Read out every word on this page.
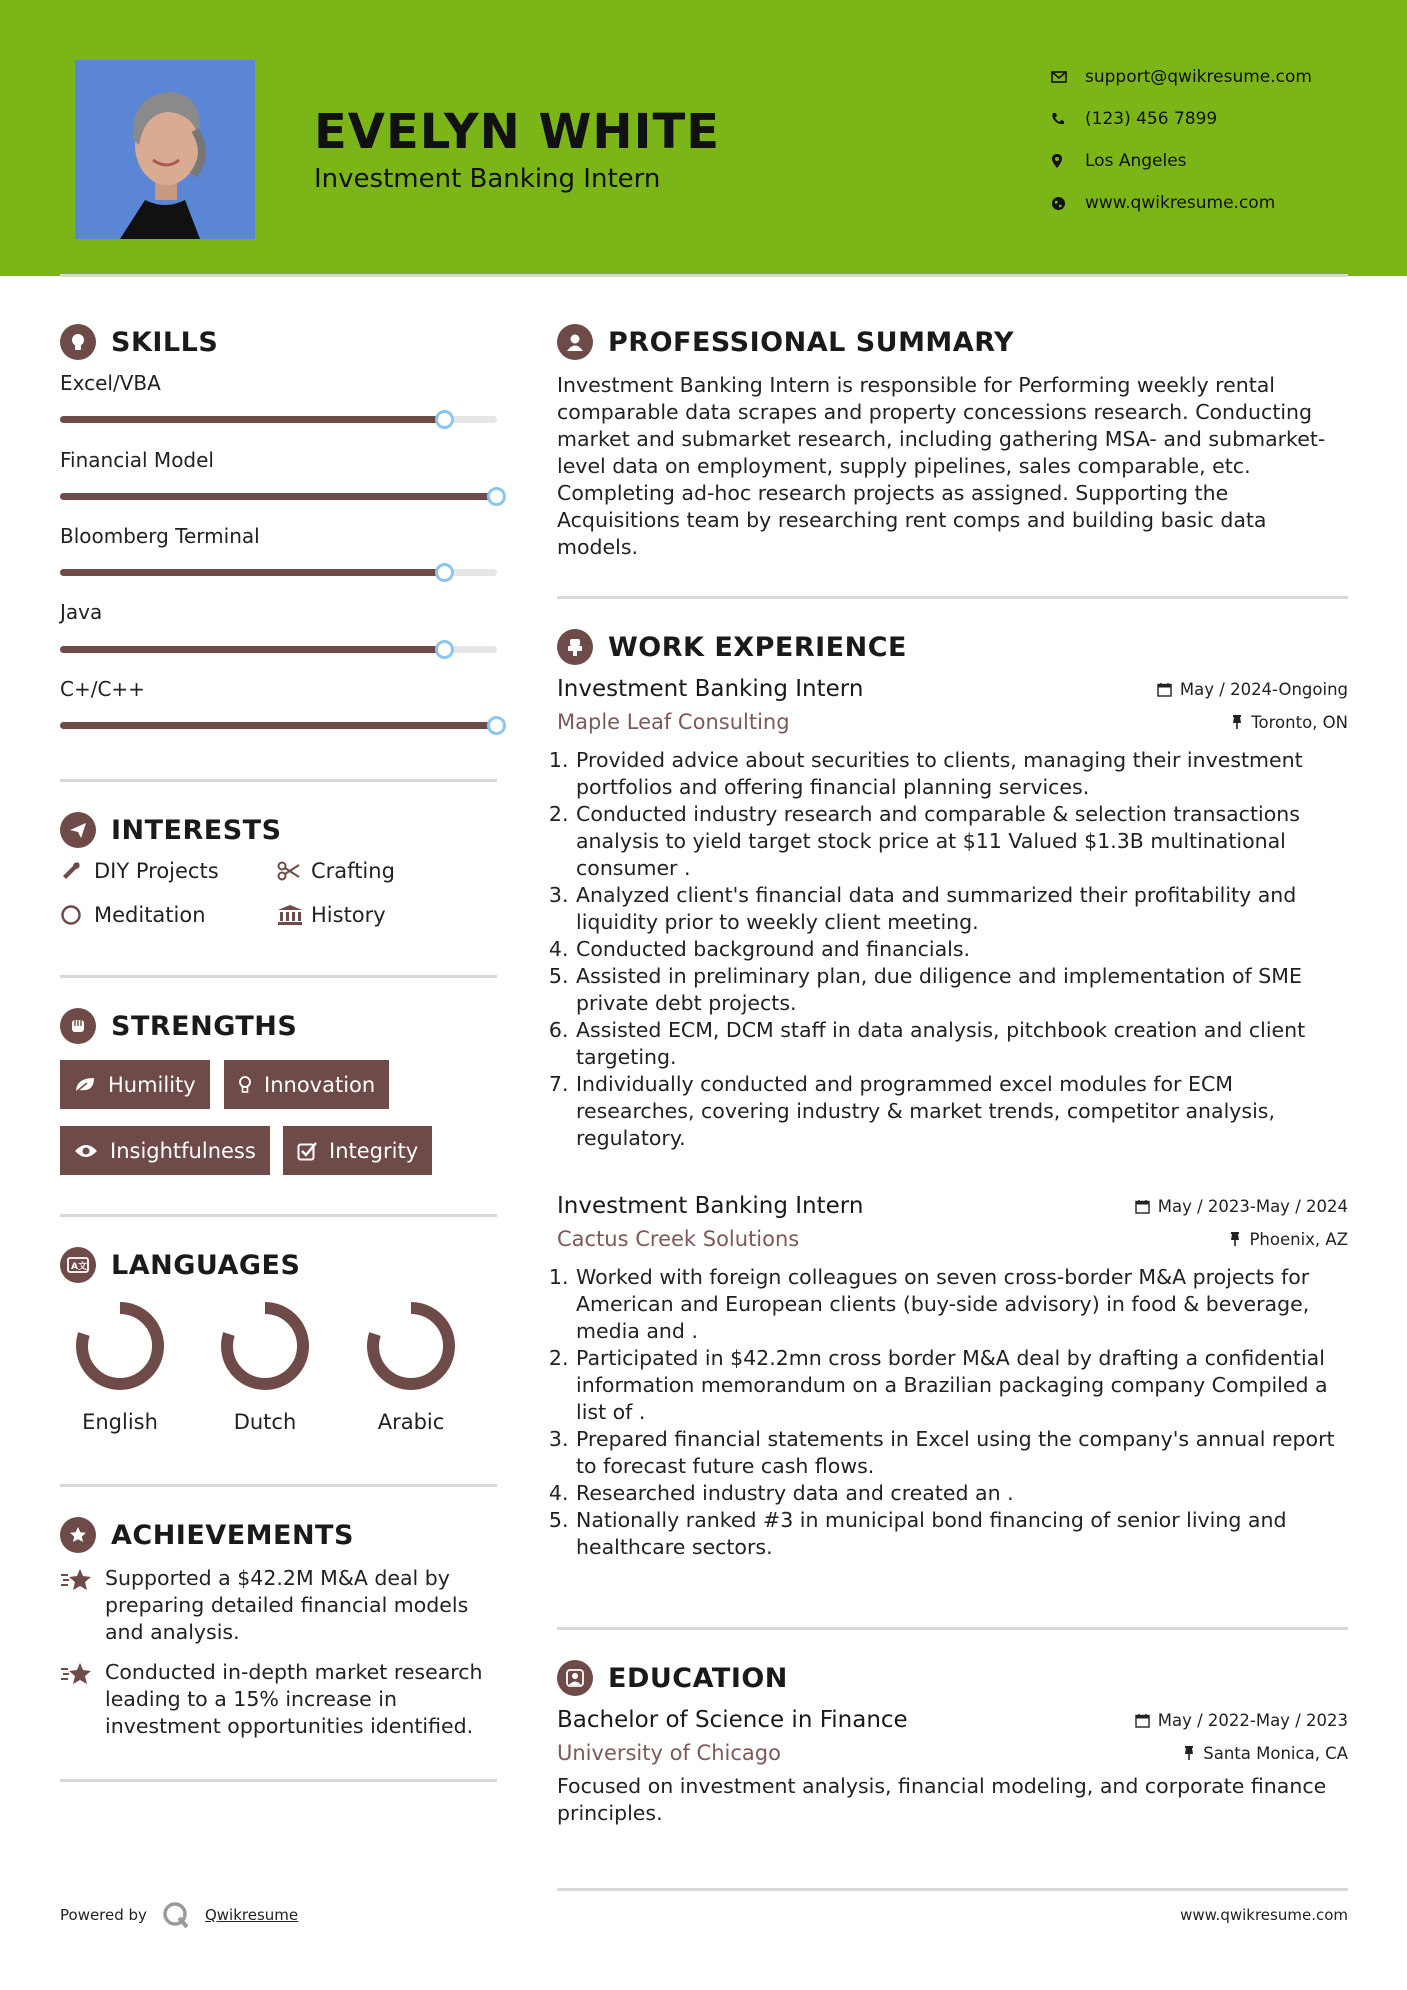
EVELYN WHITE
Investment Banking Intern
support@qwikresume.com
(123) 456 7899
Los Angeles
www.qwikresume.com
SKILLS
Excel/VBA
Financial Model
Bloomberg Terminal
Java
C+/C++
INTERESTS
DIY Projects	Crafting
Meditation	History
STRENGTHS
Humility	Innovation
Insightfulness	Integrity
A文 LANGUAGES
English	Dutch	Arabic
ACHIEVEMENTS
Supported a $42.2M M&A deal by preparing detailed financial models and analysis.
Conducted in-depth market research leading to a 15% increase in investment opportunities identified.
PROFESSIONAL SUMMARY
Investment Banking Intern is responsible for Performing weekly rental comparable data scrapes and property concessions research. Conducting market and submarket research, including gathering MSA- and submarket-level data on employment, supply pipelines, sales comparable, etc. Completing ad-hoc research projects as assigned. Supporting the Acquisitions team by researching rent comps and building basic data models.
WORK EXPERIENCE
Investment Banking Intern	May / 2024-Ongoing
Maple Leaf Consulting	Toronto, ON
1. Provided advice about securities to clients, managing their investment portfolios and offering financial planning services.
2. Conducted industry research and comparable & selection transactions analysis to yield target stock price at $11 Valued $1.3B multinational consumer .
3. Analyzed client's financial data and summarized their profitability and liquidity prior to weekly client meeting.
4. Conducted background and financials.
5. Assisted in preliminary plan, due diligence and implementation of SME private debt projects.
6. Assisted ECM, DCM staff in data analysis, pitchbook creation and client targeting.
7. Individually conducted and programmed excel modules for ECM researches, covering industry & market trends, competitor analysis, regulatory.
Investment Banking Intern	May / 2023-May / 2024
Cactus Creek Solutions	Phoenix, AZ
1. Worked with foreign colleagues on seven cross-border M&A projects for American and European clients (buy-side advisory) in food & beverage, media and .
2. Participated in $42.2mn cross border M&A deal by drafting a confidential information memorandum on a Brazilian packaging company Compiled a list of .
3. Prepared financial statements in Excel using the company's annual report to forecast future cash flows.
4. Researched industry data and created an .
5. Nationally ranked #3 in municipal bond financing of senior living and healthcare sectors.
EDUCATION
Bachelor of Science in Finance	May / 2022-May / 2023
University of Chicago	Santa Monica, CA
Focused on investment analysis, financial modeling, and corporate finance principles.
Powered by	Qwikresume	www.qwikresume.com
